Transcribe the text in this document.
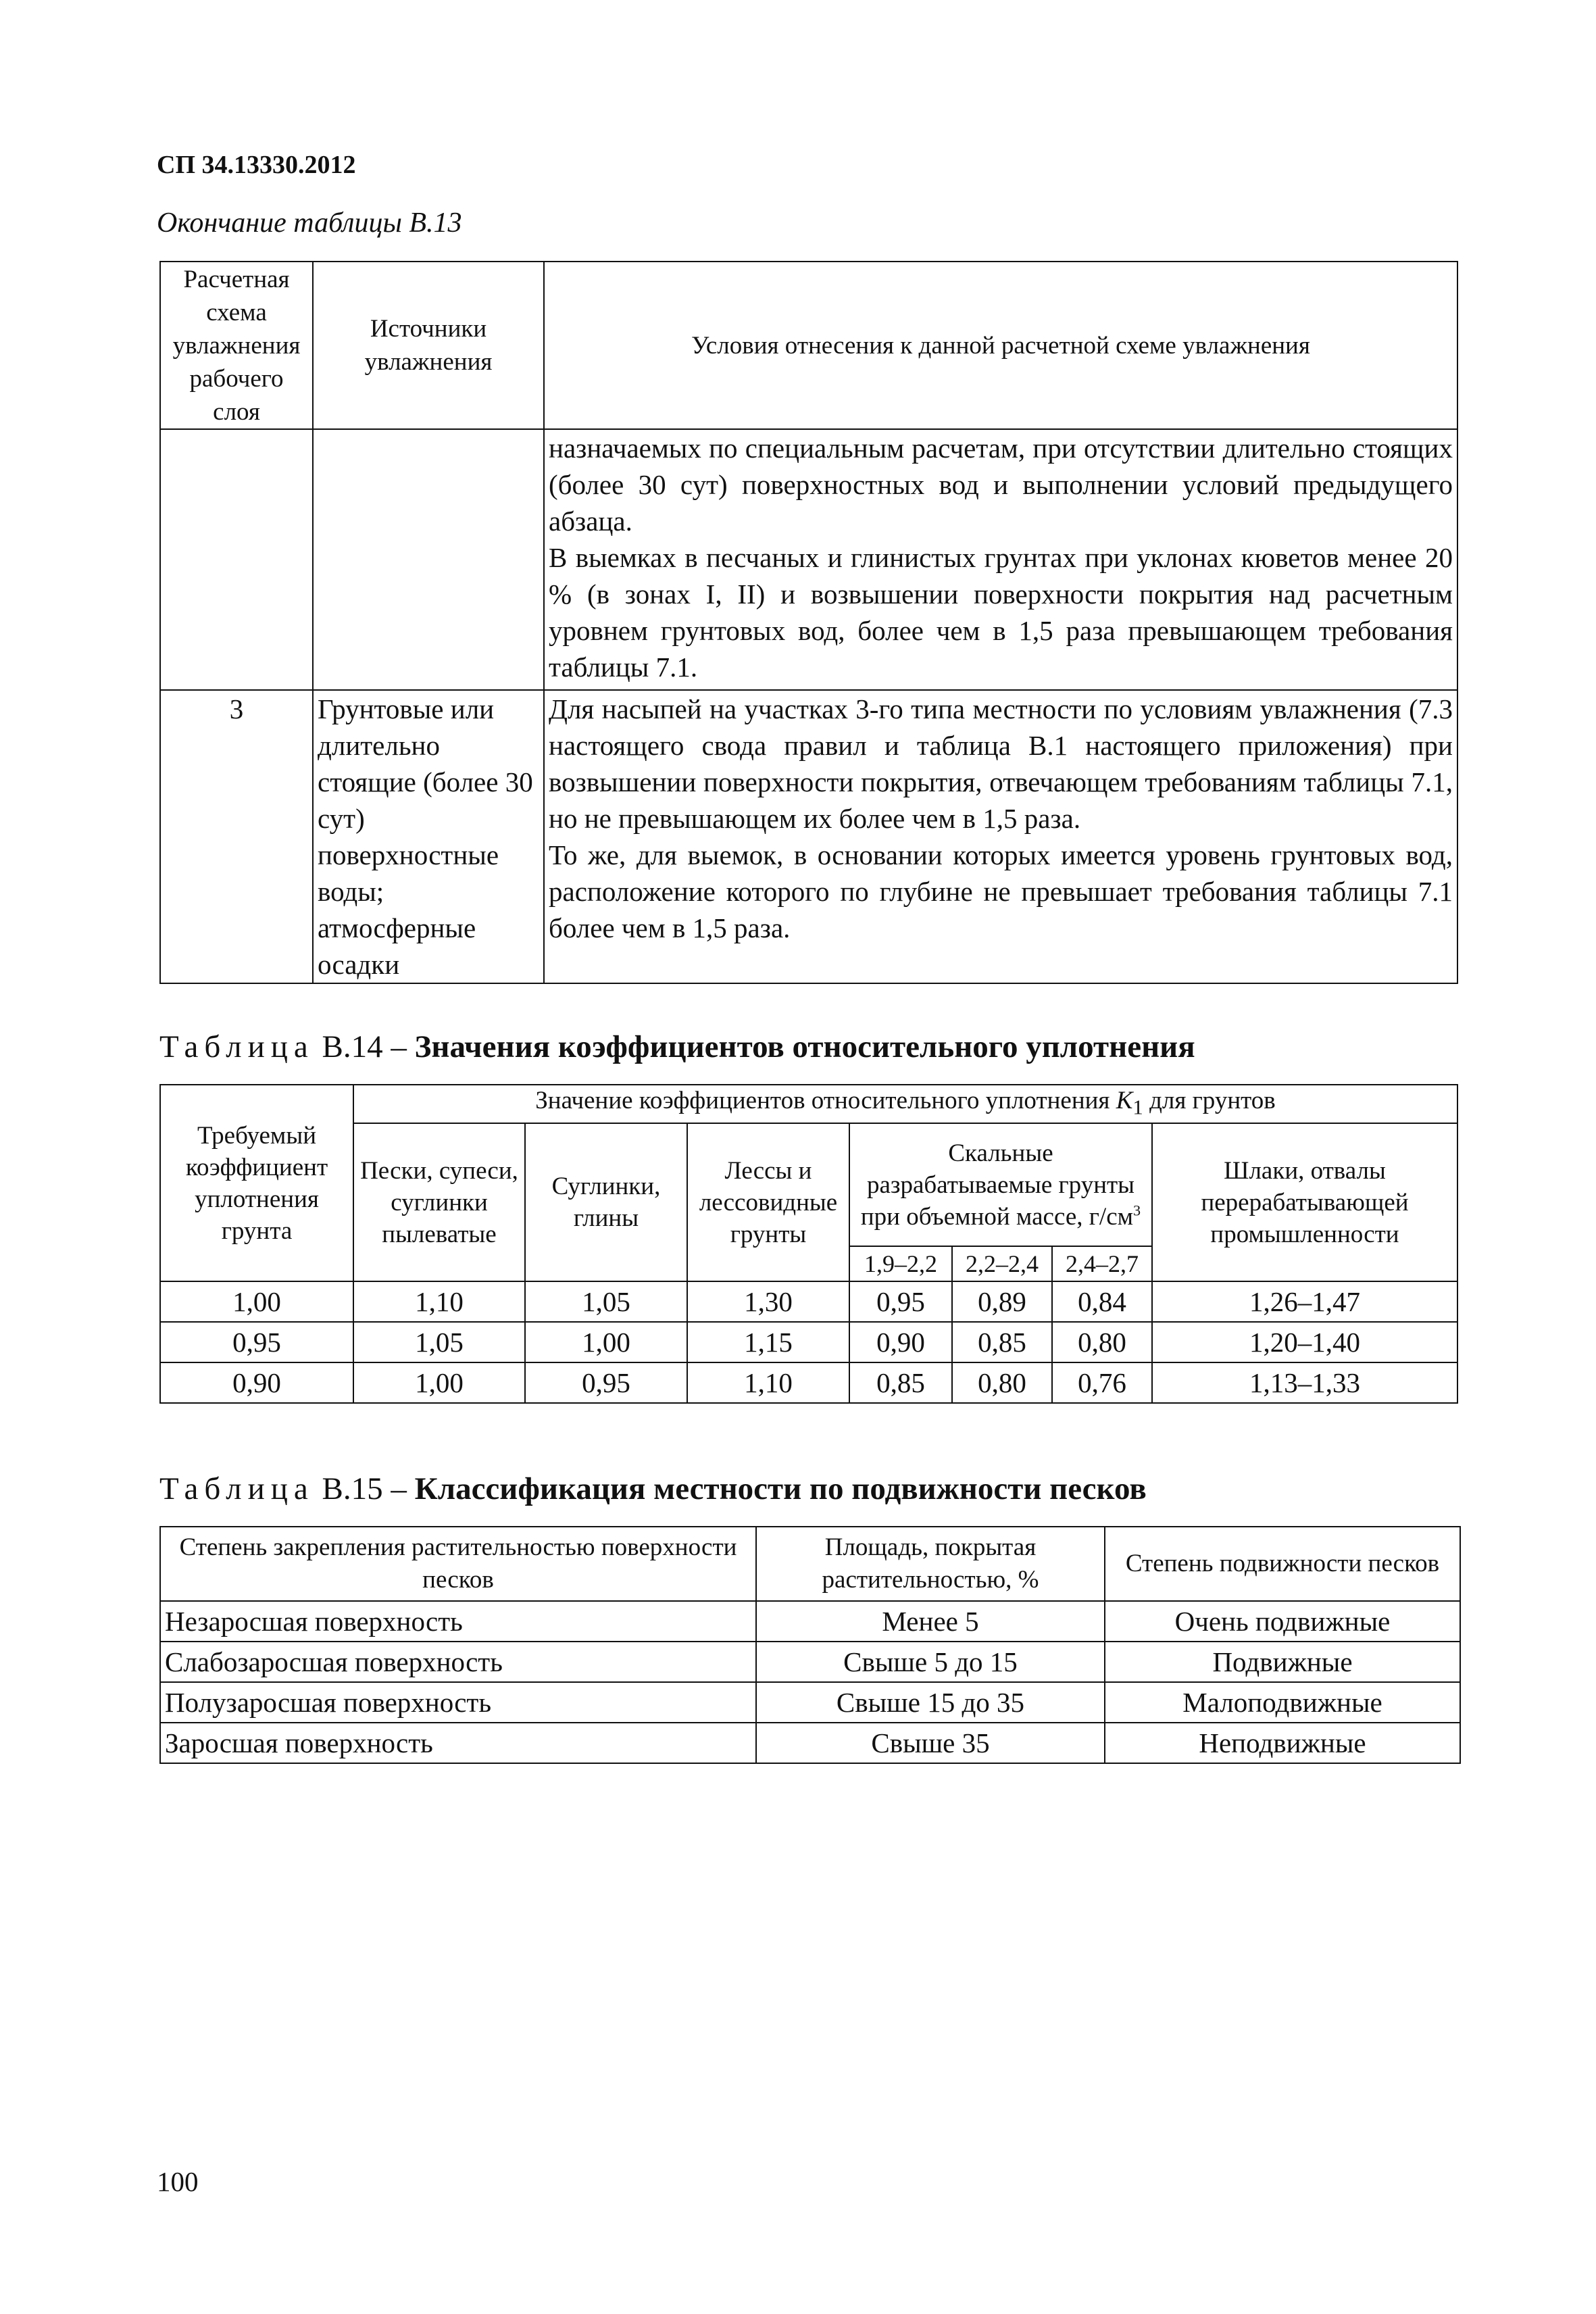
СП 34.13330.2012
Окончание таблицы В.13
Расчетная схема увлажнения рабочего слоя	Источники увлажнения	Условия отнесения к данной расчетной схеме увлажнения

		назначаемых по специальным расчетам, при отсутствии длительно стоящих (более 30 сут) поверхностных вод и выполнении условий предыдущего абзаца.

В выемках в песчаных и глинистых грунтах при уклонах кюветов менее 20 % (в зонах I, II) и возвышении поверхности покрытия над расчетным уровнем грунтовых вод, более чем в 1,5 раза превышающем требования таблицы 7.1.

3	Грунтовые или длительно стоящие (более 30 сут) поверхностные воды; атмосферные осадки	Для насыпей на участках 3-го типа местности по условиям увлажнения (7.3 настоящего свода правил и таблица В.1 настоящего приложения) при возвышении поверхности покрытия, отвечающем требованиям таблицы 7.1, но не превышающем их более чем в 1,5 раза.

То же, для выемок, в основании которых имеется уровень грунтовых вод, расположение которого по глубине не превышает требования таблицы 7.1 более чем в 1,5 раза.

Таблица В.14 – Значения коэффициентов относительного уплотнения
Требуемый коэффициент уплотнения грунта	Значение коэффициентов относительного уплотнения $K_1$ для грунтов						
	Пески, супеси, суглинки пылеватые	Суглинки, глины	Лессы и лессовидные грунты	Скальные разрабатываемые грунты при объемной массе, $г/см^3$			Шлаки, отвалы перерабатывающей промышленности
				1,9–2,2	2,2–2,4	2,4–2,7	
1,00	1,10	1,05	1,30	0,95	0,89	0,84	1,26–1,47
0,95	1,05	1,00	1,15	0,90	0,85	0,80	1,20–1,40
0,90	1,00	0,95	1,10	0,85	0,80	0,76	1,13–1,33
Таблица В.15 – Классификация местности по подвижности песков
Степень закрепления растительностью поверхности песков	Площадь, покрытая растительностью, %	Степень подвижности песков
Незаросшая поверхность	Менее 5	Очень подвижные
Слабозаросшая поверхность	Свыше 5 до 15	Подвижные
Полузаросшая поверхность	Свыше 15 до 35	Малоподвижные
Заросшая поверхность	Свыше 35	Неподвижные
100
